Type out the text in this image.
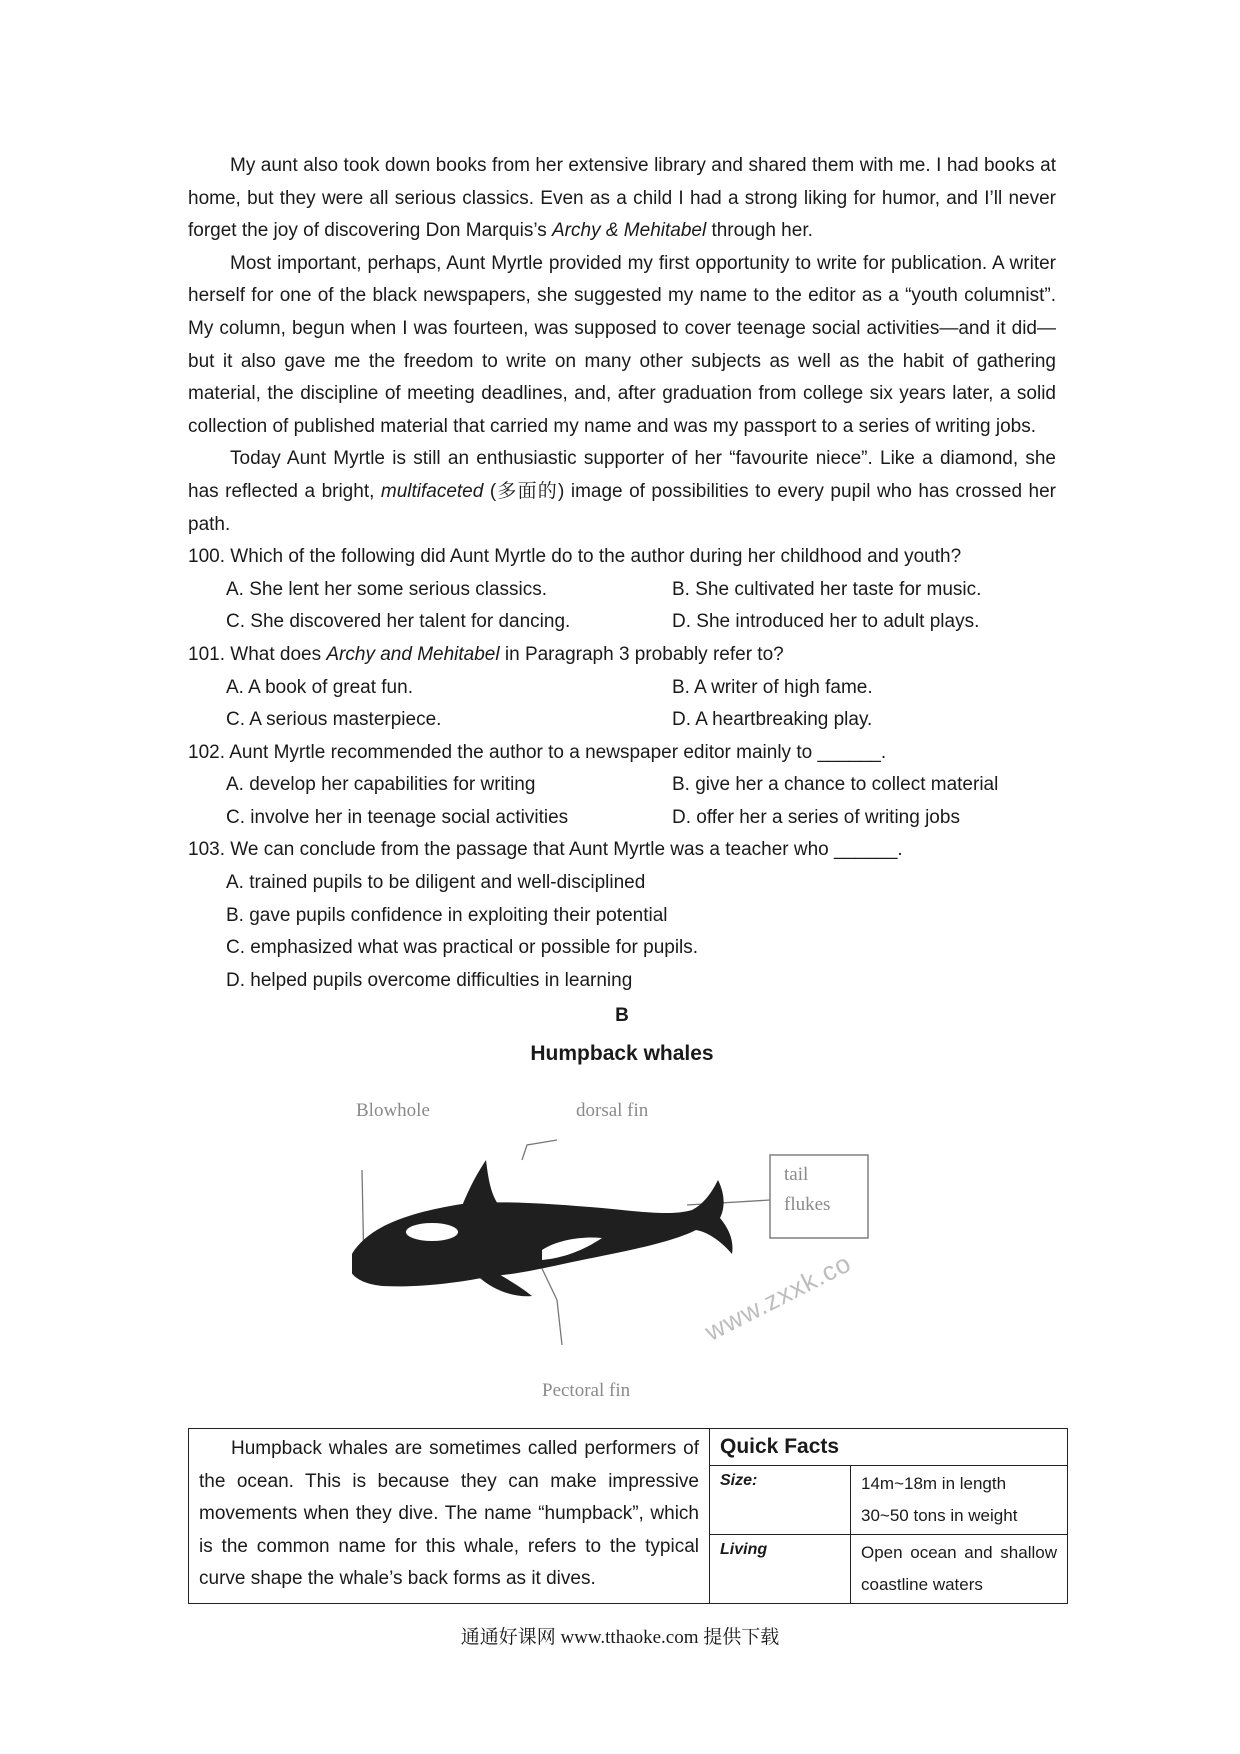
My aunt also took down books from her extensive library and shared them with me. I had books at home, but they were all serious classics. Even as a child I had a strong liking for humor, and I’ll never forget the joy of discovering Don Marquis’s Archy & Mehitabel through her.

Most important, perhaps, Aunt Myrtle provided my first opportunity to write for publication. A writer herself for one of the black newspapers, she suggested my name to the editor as a “youth columnist”. My column, begun when I was fourteen, was supposed to cover teenage social activities—and it did—but it also gave me the freedom to write on many other subjects as well as the habit of gathering material, the discipline of meeting deadlines, and, after graduation from college six years later, a solid collection of published material that carried my name and was my passport to a series of writing jobs.

Today Aunt Myrtle is still an enthusiastic supporter of her “favourite niece”. Like a diamond, she has reflected a bright, multifaceted (多面的) image of possibilities to every pupil who has crossed her path.

100. Which of the following did Aunt Myrtle do to the author during her childhood and youth?

A. She lent her some serious classics.	B. She cultivated her taste for music.
C. She discovered her talent for dancing.	D. She introduced her to adult plays.

101. What does Archy and Mehitabel in Paragraph 3 probably refer to?

A. A book of great fun.	B. A writer of high fame.
C. A serious masterpiece.	D. A heartbreaking play.

102. Aunt Myrtle recommended the author to a newspaper editor mainly to ______.

A. develop her capabilities for writing	B. give her a chance to collect material
C. involve her in teenage social activities	D. offer her a series of writing jobs

103. We can conclude from the passage that Aunt Myrtle was a teacher who ______.

A. trained pupils to be diligent and well-disciplined
B. gave pupils confidence in exploiting their potential
C. emphasized what was practical or possible for pupils.
D. helped pupils overcome difficulties in learning
B
Humpback whales
Blowhole	dorsal fin
tail
flukes
Pectoral fin
www.zxxk.co
Humpback whales are sometimes called performers of the ocean. This is because they can make impressive movements when they dive. The name “humpback”, which is the common name for this whale, refers to the typical curve shape the whale’s back forms as it dives.	Quick Facts	
	Size:	14m~18m in length
30~50 tons in weight

	Living	Open ocean and shallow coastline waters
通通好课网 www.tthaoke.com 提供下载
